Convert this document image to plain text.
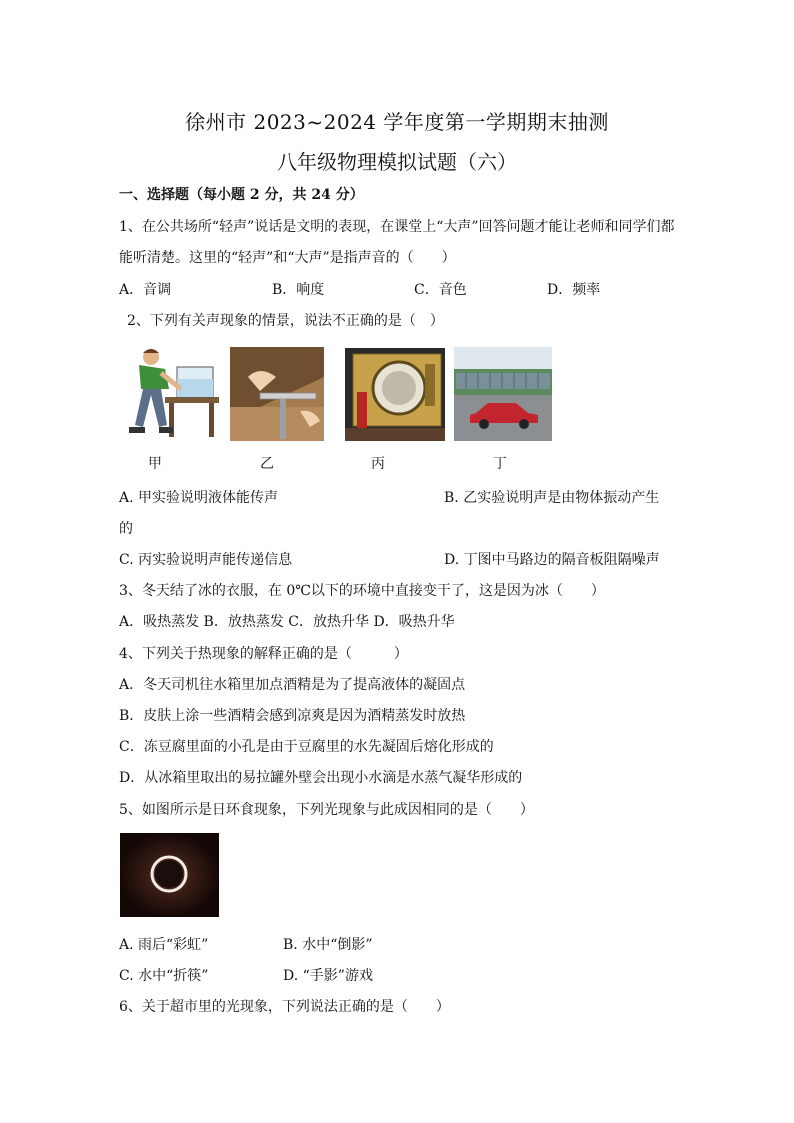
徐州市 2023~2024 学年度第一学期期末抽测
八年级物理模拟试题（六）
一、选择题（每小题 2 分，共 24 分）
1、在公共场所“轻声”说话是文明的表现，在课堂上“大声”回答问题才能让老师和同学们都
能听清楚。这里的“轻声”和“大声”是指声音的（　　）
A．音调	B．响度	C．音色	D．频率
2、下列有关声现象的情景，说法不正确的是（　）
甲	乙	丙	丁
A. 甲实验说明液体能传声	B. 乙实验说明声是由物体振动产生
的
C. 丙实验说明声能传递信息	D. 丁图中马路边的隔音板阻隔噪声
3、冬天结了冰的衣服，在 0℃以下的环境中直接变干了，这是因为冰（　　）
A．吸热蒸发 B．放热蒸发 C．放热升华 D．吸热升华
4、下列关于热现象的解释正确的是（　　　）
A．冬天司机往水箱里加点酒精是为了提高液体的凝固点
B．皮肤上涂一些酒精会感到凉爽是因为酒精蒸发时放热
C．冻豆腐里面的小孔是由于豆腐里的水先凝固后熔化形成的
D．从冰箱里取出的易拉罐外壁会出现小水滴是水蒸气凝华形成的
5、如图所示是日环食现象，下列光现象与此成因相同的是（　　）
A. 雨后“彩虹”	B. 水中“倒影”
C. 水中“折筷”	D. “手影”游戏
6、关于超市里的光现象，下列说法正确的是（　　）
